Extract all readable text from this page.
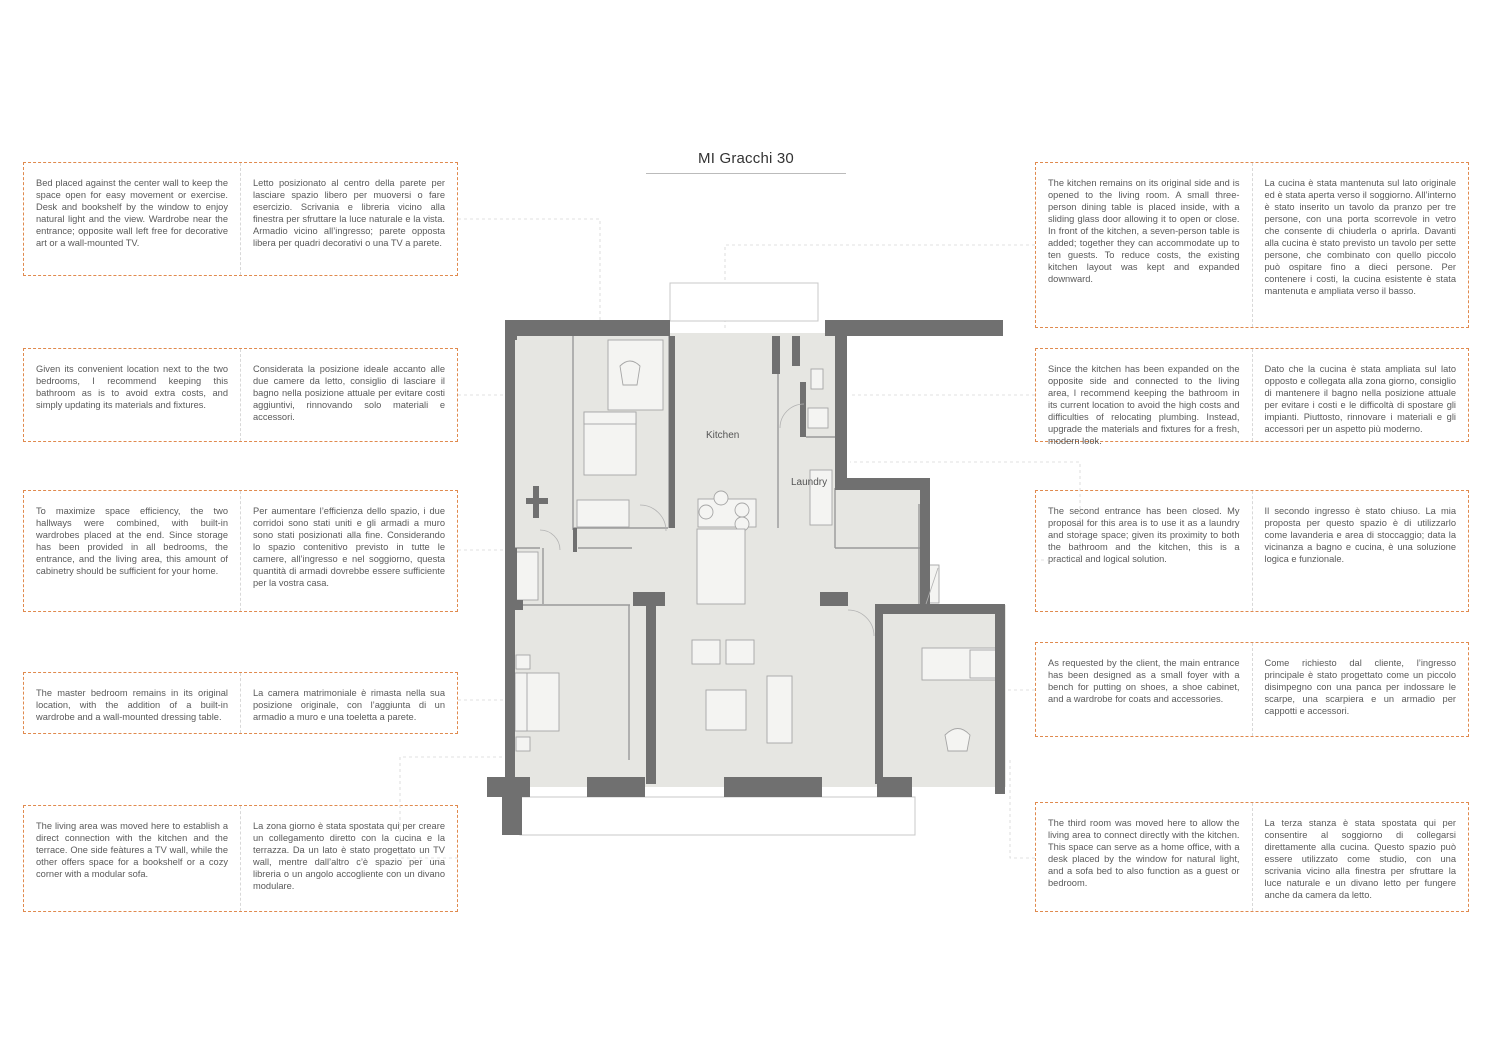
MI Gracchi 30
Bed placed against the center wall to keep the space open for easy movement or exercise. Desk and bookshelf by the window to enjoy natural light and the view. Wardrobe near the entrance; opposite wall left free for decorative art or a wall-mounted TV.
Letto posizionato al centro della parete per lasciare spazio libero per muoversi o fare esercizio. Scrivania e libreria vicino alla finestra per sfruttare la luce naturale e la vista. Armadio vicino all’ingresso; parete opposta libera per quadri decorativi o una TV a parete.
Given its convenient location next to the two bedrooms, I recommend keeping this bathroom as is to avoid extra costs, and simply updating its materials and fixtures.
Considerata la posizione ideale accanto alle due camere da letto, consiglio di lasciare il bagno nella posizione attuale per evitare costi aggiuntivi, rinnovando solo materiali e accessori.
To maximize space efficiency, the two hallways were combined, with built-in wardrobes placed at the end. Since storage has been provided in all bedrooms, the entrance, and the living area, this amount of cabinetry should be sufficient for your home.
Per aumentare l’efficienza dello spazio, i due corridoi sono stati uniti e gli armadi a muro sono stati posizionati alla fine. Considerando lo spazio contenitivo previsto in tutte le camere, all’ingresso e nel soggiorno, questa quantità di armadi dovrebbe essere sufficiente per la vostra casa.
The master bedroom remains in its original location, with the addition of a built-in wardrobe and a wall-mounted dressing table.
La camera matrimoniale è rimasta nella sua posizione originale, con l’aggiunta di un armadio a muro e una toeletta a parete.
The living area was moved here to establish a direct connection with the kitchen and the terrace. One side feàtures a TV wall, while the other offers space for a bookshelf or a cozy corner with a modular sofa.
La zona giorno è stata spostata qui per creare un collegamento diretto con la cucina e la terrazza. Da un lato è stato progettato un TV wall, mentre dall’altro c’è spazio per una libreria o un angolo accogliente con un divano modulare.
The kitchen remains on its original side and is opened to the living room. A small three-person dining table is placed inside, with a sliding glass door allowing it to open or close. In front of the kitchen, a seven-person table is added; together they can accommodate up to ten guests. To reduce costs, the existing kitchen layout was kept and expanded downward.
La cucina è stata mantenuta sul lato originale ed è stata aperta verso il soggiorno. All’interno è stato inserito un tavolo da pranzo per tre persone, con una porta scorrevole in vetro che consente di chiuderla o aprirla. Davanti alla cucina è stato previsto un tavolo per sette persone, che combinato con quello piccolo può ospitare fino a dieci persone. Per contenere i costi, la cucina esistente è stata mantenuta e ampliata verso il basso.
Since the kitchen has been expanded on the opposite side and connected to the living area, I recommend keeping the bathroom in its current location to avoid the high costs and difficulties of relocating plumbing. Instead, upgrade the materials and fixtures for a fresh, modern look.
Dato che la cucina è stata ampliata sul lato opposto e collegata alla zona giorno, consiglio di mantenere il bagno nella posizione attuale per evitare i costi e le difficoltà di spostare gli impianti. Piuttosto, rinnovare i materiali e gli accessori per un aspetto più moderno.
The second entrance has been closed. My proposal for this area is to use it as a laundry and storage space; given its proximity to both the bathroom and the kitchen, this is a practical and logical solution.
Il secondo ingresso è stato chiuso. La mia proposta per questo spazio è di utilizzarlo come lavanderia e area di stoccaggio; data la vicinanza a bagno e cucina, è una soluzione logica e funzionale.
As requested by the client, the main entrance has been designed as a small foyer with a bench for putting on shoes, a shoe cabinet, and a wardrobe for coats and accessories.
Come richiesto dal cliente, l’ingresso principale è stato progettato come un piccolo disimpegno con una panca per indossare le scarpe, una scarpiera e un armadio per cappotti e accessori.
The third room was moved here to allow the living area to connect directly with the kitchen. This space can serve as a home office, with a desk placed by the window for natural light, and a sofa bed to also function as a guest or bedroom.
La terza stanza è stata spostata qui per consentire al soggiorno di collegarsi direttamente alla cucina. Questo spazio può essere utilizzato come studio, con una scrivania vicino alla finestra per sfruttare la luce naturale e un divano letto per fungere anche da camera da letto.
Kitchen
Laundry
